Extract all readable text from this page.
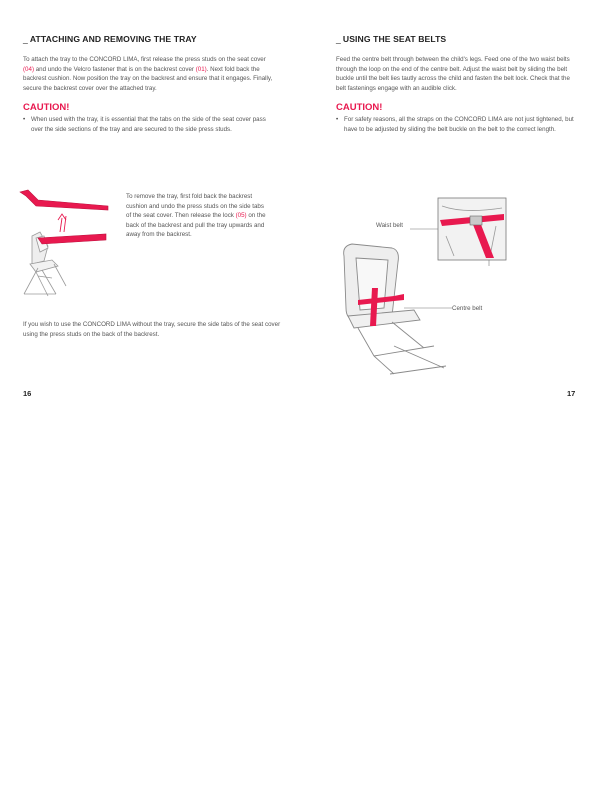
_ ATTACHING AND REMOVING THE TRAY

To attach the tray to the CONCORD LIMA, first release the press studs on the seat cover (04) and undo the Velcro fastener that is on the backrest cover (01). Next fold back the backrest cushion. Now position the tray on the backrest and ensure that it engages. Finally, secure the backrest cover over the attached tray.

CAUTION!

• When used with the tray, it is essential that the tabs on the side of the seat cover pass over the side sections of the tray and are secured to the side press studs.

To remove the tray, first fold back the backrest cushion and undo the press studs on the side tabs of the seat cover. Then release the lock (05) on the back of the backrest and pull the tray upwards and away from the backrest.

If you wish to use the CONCORD LIMA without the tray, secure the side tabs of the seat cover using the press studs on the back of the backrest.

16
_ USING THE SEAT BELTS

Feed the centre belt through between the child's legs. Feed one of the two waist belts through the loop on the end of the centre belt. Adjust the waist belt by sliding the belt buckle until the belt lies tautly across the child and fasten the belt lock. Check that the belt fastenings engage with an audible click.

CAUTION!

• For safety reasons, all the straps on the CONCORD LIMA are not just tightened, but have to be adjusted by sliding the belt buckle on the belt to the correct length.

Waist belt
Centre belt
17
